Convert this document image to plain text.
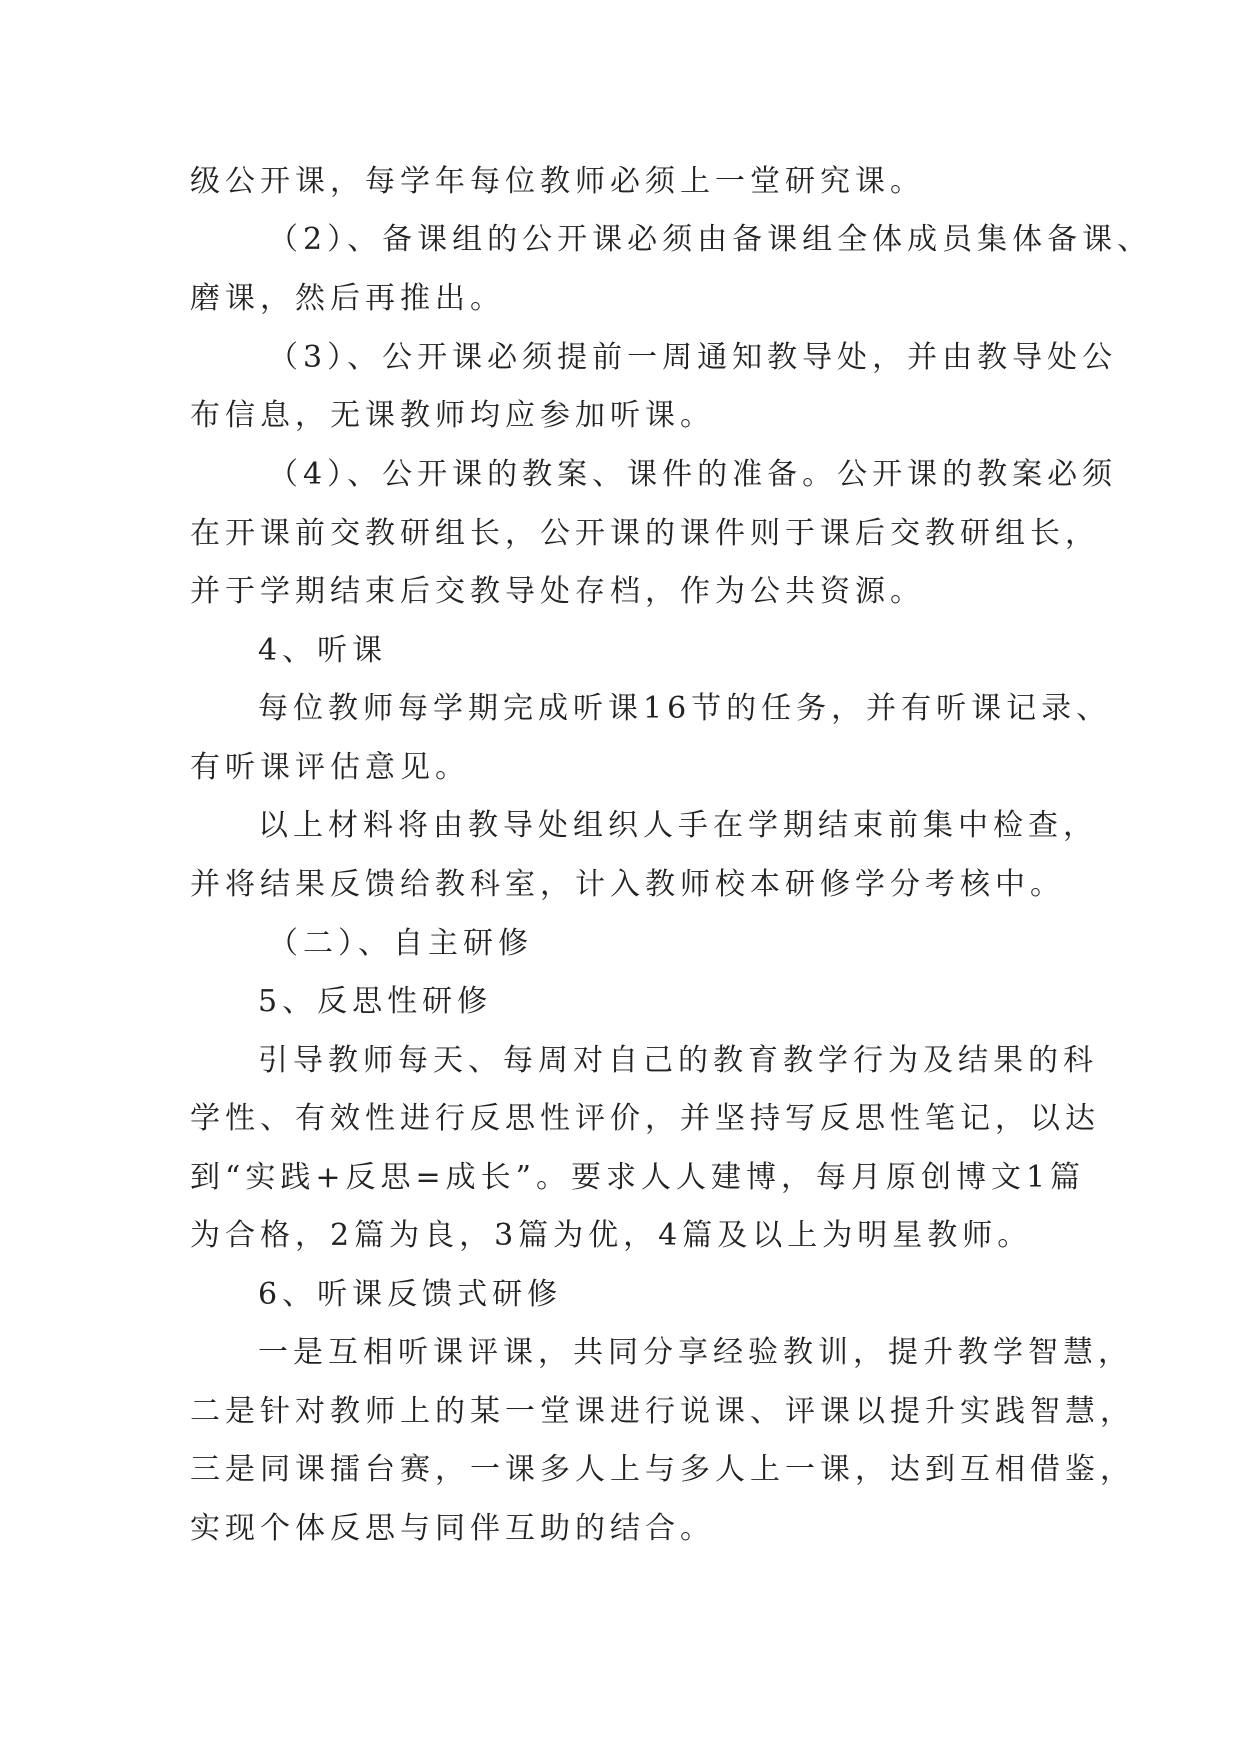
级公开课，每学年每位教师必须上一堂研究课。
（2）、备课组的公开课必须由备课组全体成员集体备课、
磨课，然后再推出。
（3）、公开课必须提前一周通知教导处，并由教导处公
布信息，无课教师均应参加听课。
（4）、公开课的教案、课件的准备。公开课的教案必须
在开课前交教研组长，公开课的课件则于课后交教研组长，
并于学期结束后交教导处存档，作为公共资源。
4、听课
每位教师每学期完成听课16节的任务，并有听课记录、
有听课评估意见。
以上材料将由教导处组织人手在学期结束前集中检查，
并将结果反馈给教科室，计入教师校本研修学分考核中。
（二）、自主研修
5、反思性研修
引导教师每天、每周对自己的教育教学行为及结果的科
学性、有效性进行反思性评价，并坚持写反思性笔记，以达
到“实践+反思=成长”。要求人人建博，每月原创博文1篇
为合格，2篇为良，3篇为优，4篇及以上为明星教师。
6、听课反馈式研修
一是互相听课评课，共同分享经验教训，提升教学智慧，
二是针对教师上的某一堂课进行说课、评课以提升实践智慧，
三是同课擂台赛，一课多人上与多人上一课，达到互相借鉴，
实现个体反思与同伴互助的结合。
